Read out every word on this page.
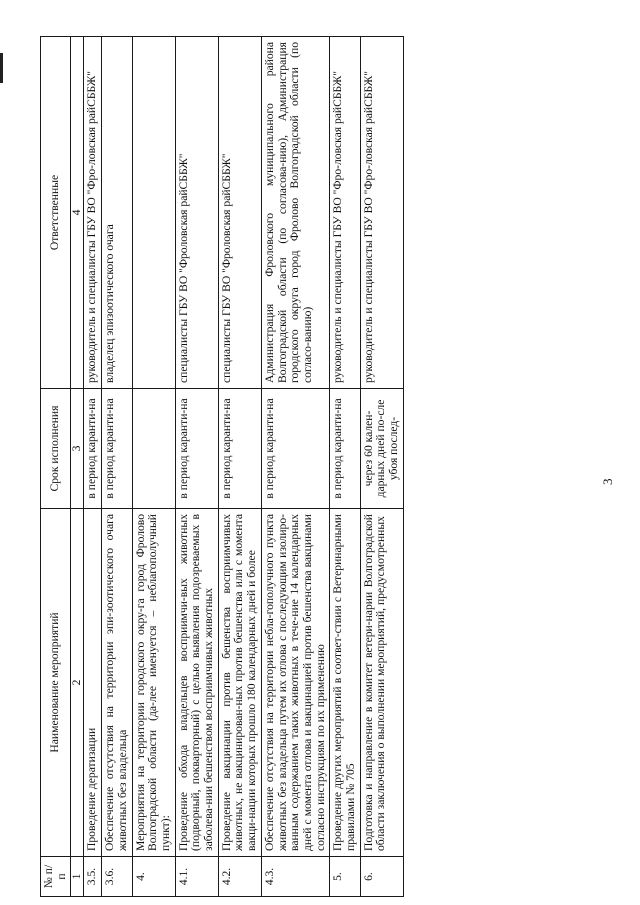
№ п/п	Наименование мероприятий	Срок исполнения	Ответственные
1	2	3	4
3.5.	Проведение дератизации	в период каранти-на	руководитель и специалисты ГБУ ВО "Фро-ловская райСББЖ"
3.6.	Обеспечение отсутствия на территории эпи-зоотического очага животных без владельца	в период каранти-на	владелец эпизоотического очага
4.	Мероприятия на территории городского окру-га город Фролово Волгоградской области (да-лее именуется – неблагополучный пункт):		
4.1.	Проведение обхода владельцев восприимчи-вых животных (подворный, покварторный) с целью выявления подозреваемых в заболева-нии бешенством восприимчивых животных	в период каранти-на	специалисты ГБУ ВО "Фроловская райСББЖ"
4.2.	Проведение вакцинации против бешенства восприимчивых животных, не вакцинирован-ных против бешенства или с момента вакци-нации которых прошло 180 календарных дней и более	в период каранти-на	специалисты ГБУ ВО "Фроловская райСББЖ"
4.3.	Обеспечение отсутствия на территории небла-гополучного пункта животных без владельца путем их отлова с последующим изолиро-ванным содержанием таких животных в тече-ние 14 календарных дней с момента отлова и вакцинацией против бешенства вакцинами согласно инструкциям по их применению	в период каранти-на	Администрация Фроловского муниципального района Волгоградской области (по согласова-нию), Администрация городского округа город Фролово Волгоградской области (по согласо-ванию)
5.	Проведение других мероприятий в соответ-ствии с Ветеринарными правилами № 705	в период каранти-на	руководитель и специалисты ГБУ ВО "Фро-ловская райСББЖ"
6.	Подготовка и направление в комитет ветери-нарии Волгоградской области заключения о выполнении мероприятий, предусмотренных	через 60 кален-дарных дней по-сле убоя послед-	руководитель и специалисты ГБУ ВО "Фро-ловская райСББЖ"
3
